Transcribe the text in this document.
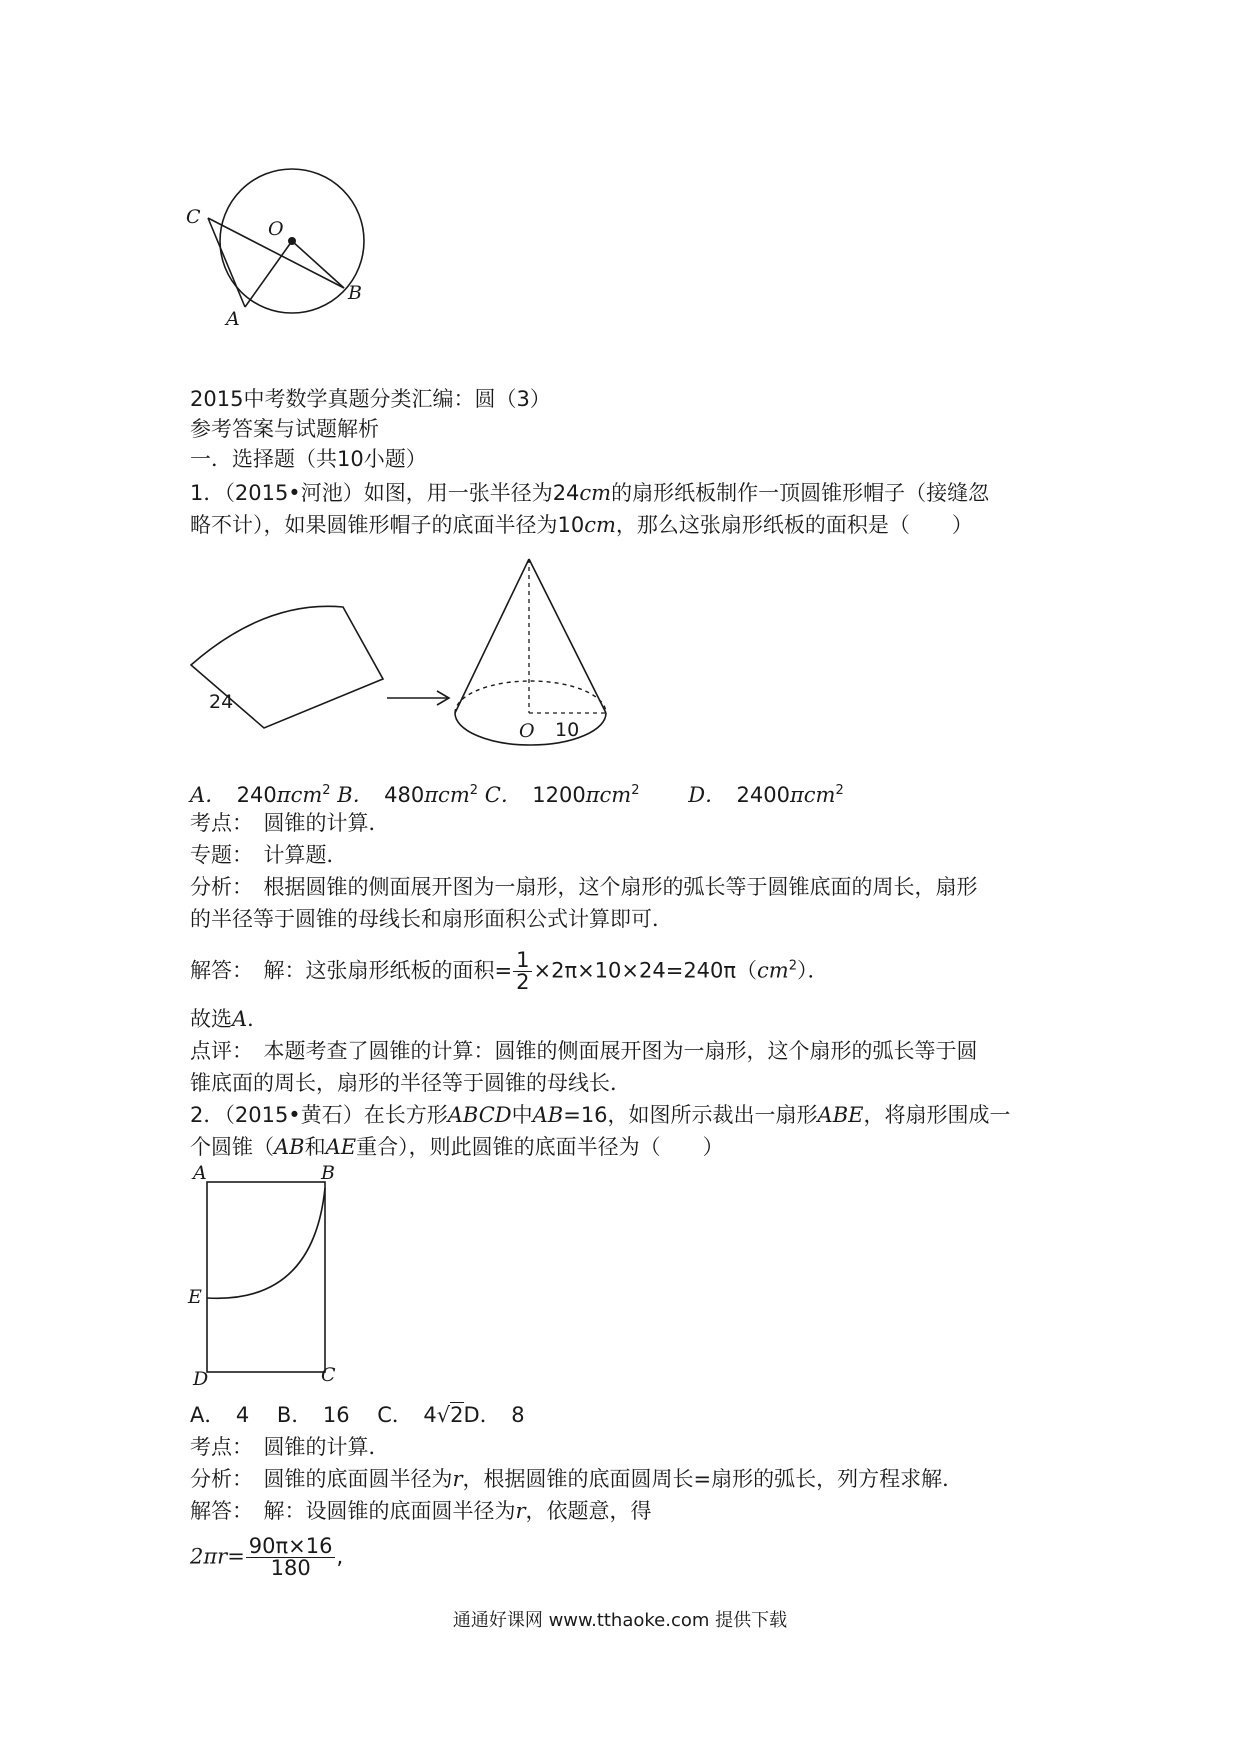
C
O
B
A
2015中考数学真题分类汇编：圆（3）
参考答案与试题解析
一．选择题（共10小题）
1．（2015•河池）如图，用一张半径为24cm的扇形纸板制作一顶圆锥形帽子（接缝忽
略不计），如果圆锥形帽子的底面半径为10cm，那么这张扇形纸板的面积是（　　）
24
O 10
A．　 240πcm$^2$ B．　 480πcm$^2$ C．　 1200πcm$^2$ 　　 D．　 2400πcm$^2$
考点：　 圆锥的计算．
专题：　 计算题．
分析：　 根据圆锥的侧面展开图为一扇形，这个扇形的弧长等于圆锥底面的周长，扇形
的半径等于圆锥的母线长和扇形面积公式计算即可．
解答：　 解：这张扇形纸板的面积= $\frac{1}{2} \times 2\pi\times 10\times 24=240\pi(cm^2)$．
故选A．
点评：　 本题考查了圆锥的计算：圆锥的侧面展开图为一扇形，这个扇形的弧长等于圆
锥底面的周长，扇形的半径等于圆锥的母线长．
2．（2015•黄石）在长方形ABCD中AB=16，如图所示裁出一扇形ABE，将扇形围成一
个圆锥（AB和AE重合），则此圆锥的底面半径为（　　）
A	B
E
D	C
A．　4　 B．　16　 C．　4√2D．　8
考点：　 圆锥的计算．
分析：　 圆锥的底面圆半径为r，根据圆锥的底面圆周长=扇形的弧长，列方程求解．
解答：　 解：设圆锥的底面圆半径为r，依题意，得
$2\pi r= \frac{90\pi\times 16}{180}$ ,
通通好课网 www.tthaoke.com 提供下载
